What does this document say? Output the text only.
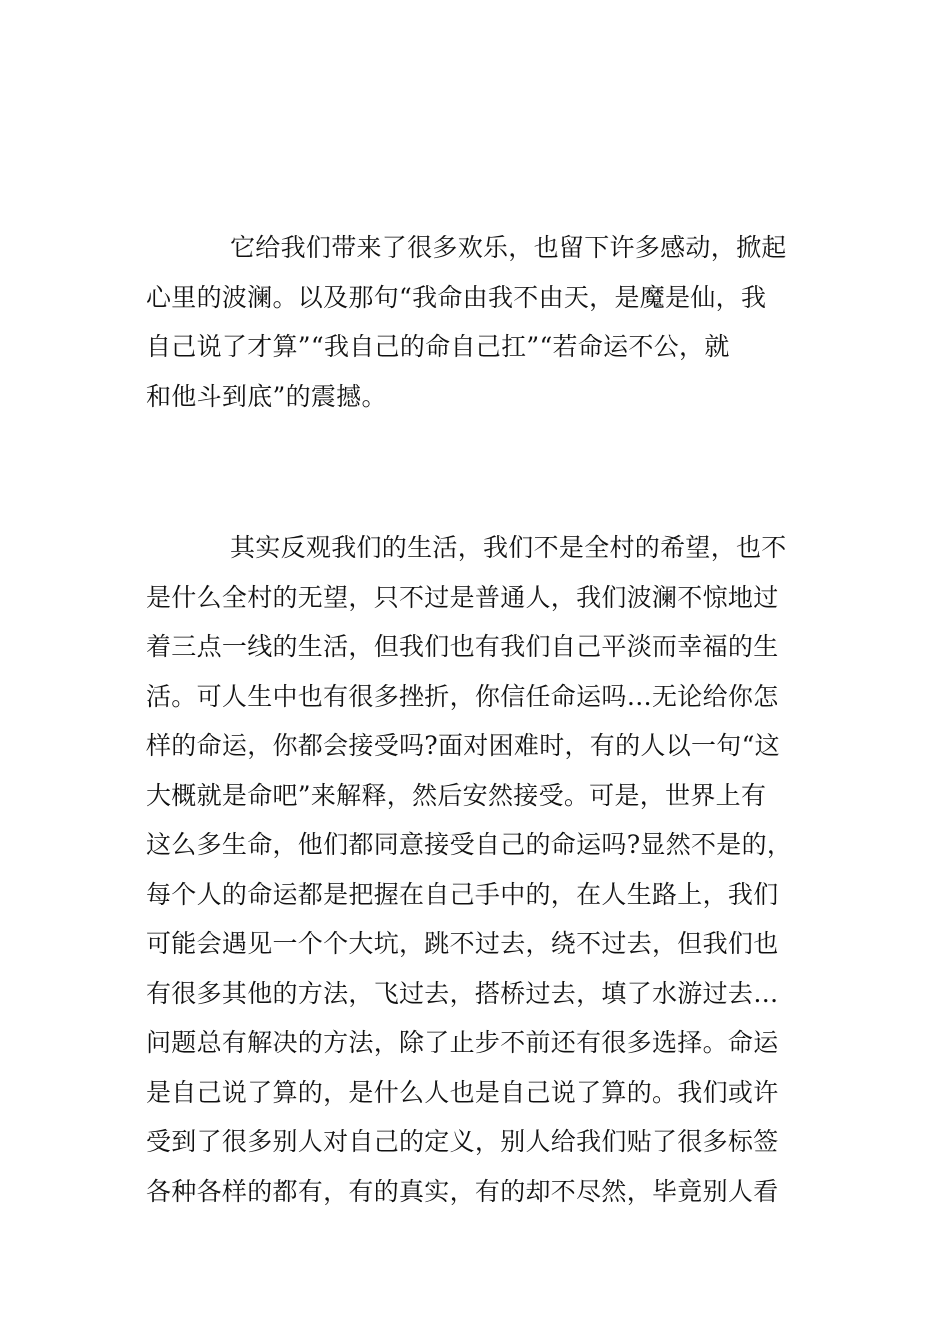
它给我们带来了很多欢乐，也留下许多感动，掀起
心里的波澜。以及那句“我命由我不由天，是魔是仙，我
自己说了才算”“我自己的命自己扛”“若命运不公，就
和他斗到底”的震撼。
其实反观我们的生活，我们不是全村的希望，也不
是什么全村的无望，只不过是普通人，我们波澜不惊地过
着三点一线的生活，但我们也有我们自己平淡而幸福的生
活。可人生中也有很多挫折，你信任命运吗…无论给你怎
样的命运，你都会接受吗?面对困难时，有的人以一句“这
大概就是命吧”来解释，然后安然接受。可是，世界上有
这么多生命，他们都同意接受自己的命运吗?显然不是的，
每个人的命运都是把握在自己手中的，在人生路上，我们
可能会遇见一个个大坑，跳不过去，绕不过去，但我们也
有很多其他的方法，飞过去，搭桥过去，填了水游过去…
问题总有解决的方法，除了止步不前还有很多选择。命运
是自己说了算的，是什么人也是自己说了算的。我们或许
受到了很多别人对自己的定义，别人给我们贴了很多标签
各种各样的都有，有的真实，有的却不尽然，毕竟别人看
